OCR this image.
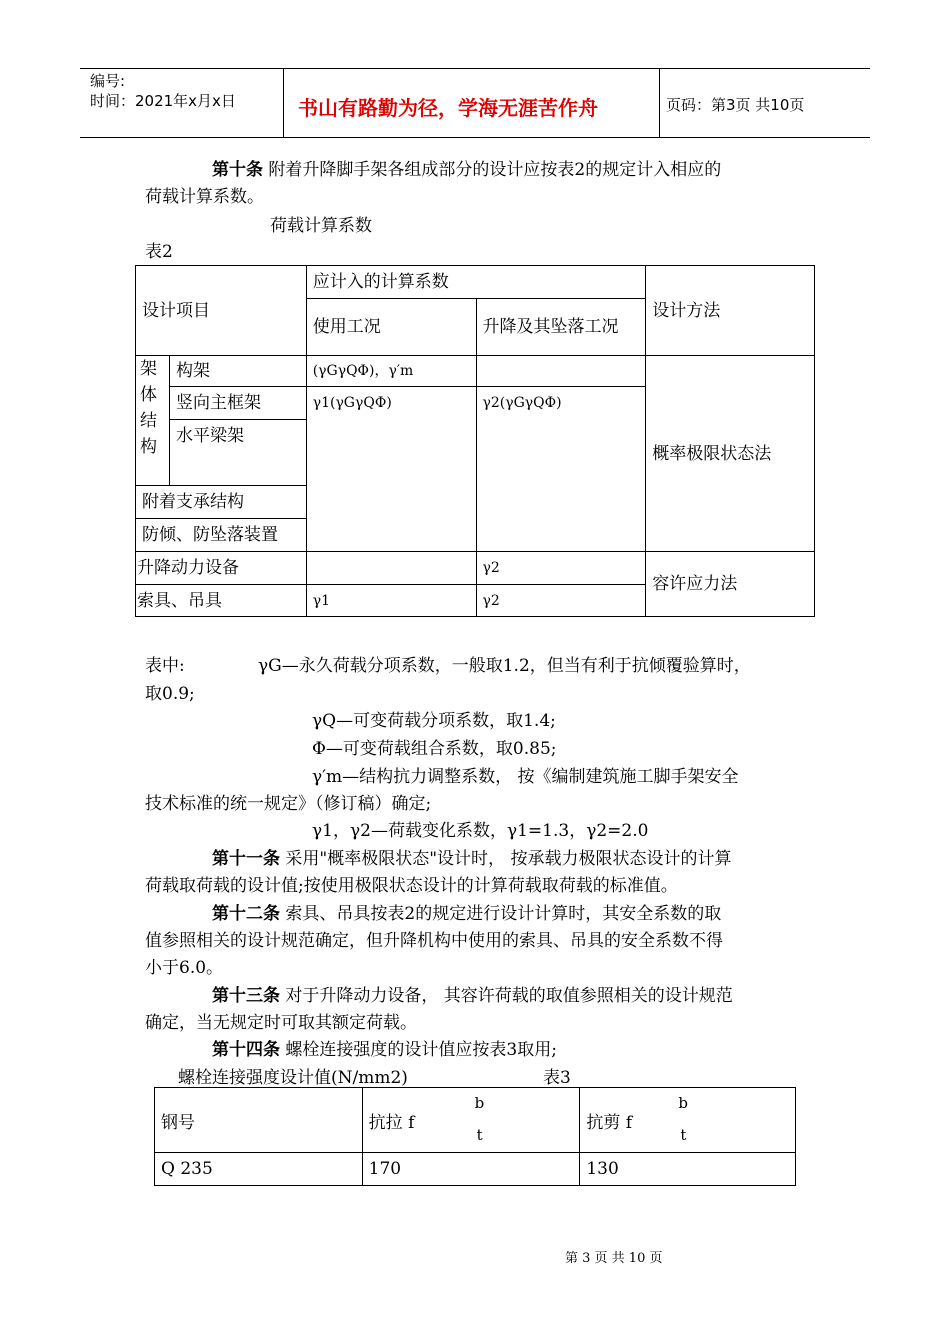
编号:
时间：2021年x月x日	书山有路勤为径，学海无涯苦作舟	页码：第3页 共10页
第十条 附着升降脚手架各组成部分的设计应按表2的规定计入相应的
荷载计算系数。
荷载计算系数
表2
设计项目		应计入的计算系数		设计方法
		使用工况	升降及其坠落工况	
架体结构	构架	(γGγQΦ)，γ′m		概率极限状态法
	竖向主框架	γ1(γGγQΦ)	γ2(γGγQΦ)	
	水平梁架			
附着支承结构				
防倾、防坠落装置				
升降动力设备			γ2	容许应力法
索具、吊具		γ1	γ2	
表中:	γG—永久荷载分项系数，一般取1.2，但当有利于抗倾覆验算时，
取0.9;
γQ—可变荷载分项系数，取1.4;
Φ—可变荷载组合系数，取0.85;
γ′m—结构抗力调整系数， 按《编制建筑施工脚手架安全
技术标准的统一规定》（修订稿）确定;
γ1，γ2—荷载变化系数，γ1=1.3，γ2=2.0
第十一条 采用"概率极限状态"设计时， 按承载力极限状态设计的计算
荷载取荷载的设计值;按使用极限状态设计的计算荷载取荷载的标准值。
第十二条 索具、吊具按表2的规定进行设计计算时，其安全系数的取
值参照相关的设计规范确定，但升降机构中使用的索具、吊具的安全系数不得
小于6.0。
第十三条 对于升降动力设备， 其容许荷载的取值参照相关的设计规范
确定，当无规定时可取其额定荷载。
第十四条 螺栓连接强度的设计值应按表3取用;
螺栓连接强度设计值(N/mm2)	表3
钢号	抗拉 f
b
t	抗剪 f
b
t

Q 235	170	130
第 3 页 共 10 页
